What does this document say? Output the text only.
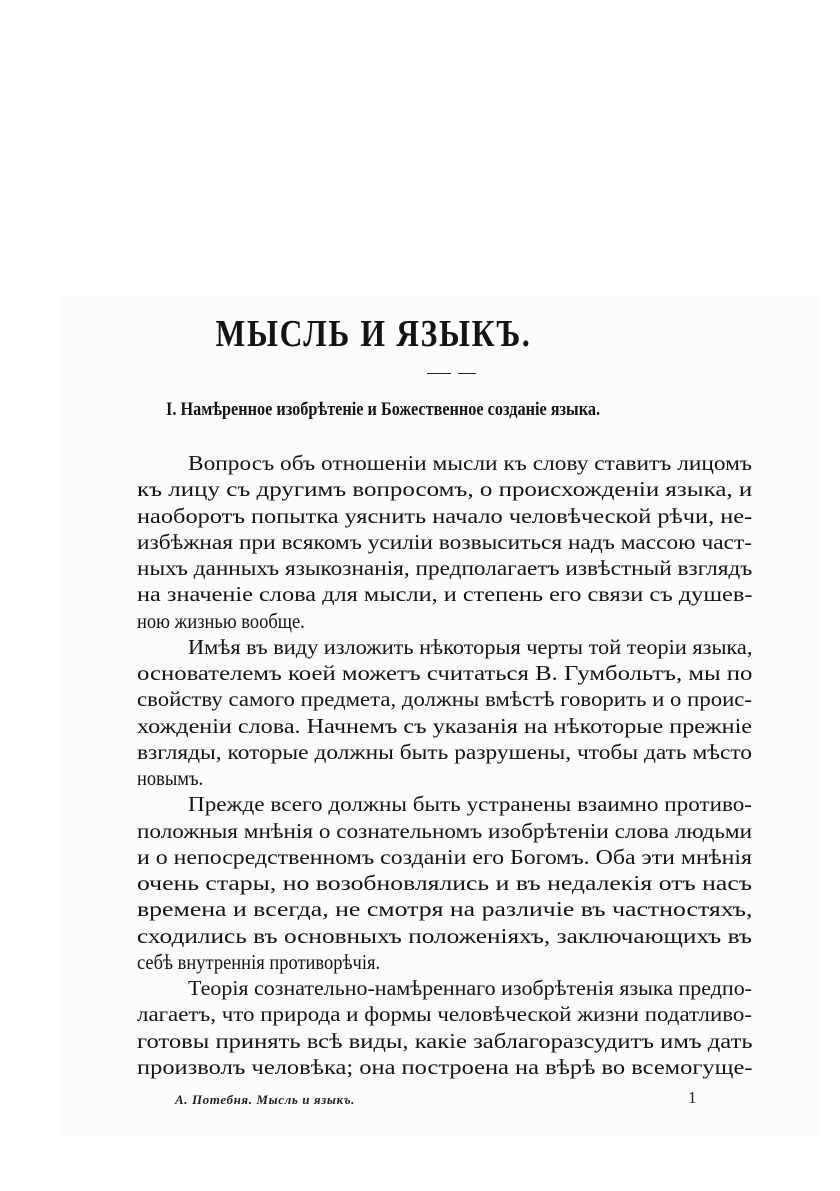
МЫСЛЬ И ЯЗЫКЪ.
I. Намѣренное изобрѣтеніе и Божественное созданіе языка.

Вопросъ объ отношеніи мысли къ слову ставитъ лицомъ

къ лицу съ другимъ вопросомъ, о происхожденіи языка, и

наоборотъ попытка уяснить начало человѣческой рѣчи, не-

избѣжная при всякомъ усиліи возвыситься надъ массою част-

ныхъ данныхъ языкознанія, предполагаетъ извѣстный взглядъ

на значеніе слова для мысли, и степень его связи съ душев-

ною жизнью вообще.

Имѣя въ виду изложить нѣкоторыя черты той теоріи языка,

основателемъ коей можетъ считаться В. Гумбольтъ, мы по

свойству самого предмета, должны вмѣстѣ говорить и о проис-

хожденіи слова. Начнемъ съ указанія на нѣкоторые прежніе

взгляды, которые должны быть разрушены, чтобы дать мѣсто

новымъ.

Прежде всего должны быть устранены взаимно противо-

положныя мнѣнія о сознательномъ изобрѣтеніи слова людьми

и о непосредственномъ созданіи его Богомъ. Оба эти мнѣнія

очень стары, но возобновлялись и въ недалекія отъ насъ

времена и всегда, не смотря на различіе въ частностяхъ,

сходились въ основныхъ положеніяхъ, заключающихъ въ

себѣ внутреннія противорѣчія.

Теорія сознательно-намѣреннаго изобрѣтенія языка предпо-

лагаетъ, что природа и формы человѣческой жизни податливо-

готовы принять всѣ виды, какіе заблагоразсудитъ имъ дать

произволъ человѣка; она построена на вѣрѣ во всемогуще-

А. Потебня. Мысль и языкъ.	1
